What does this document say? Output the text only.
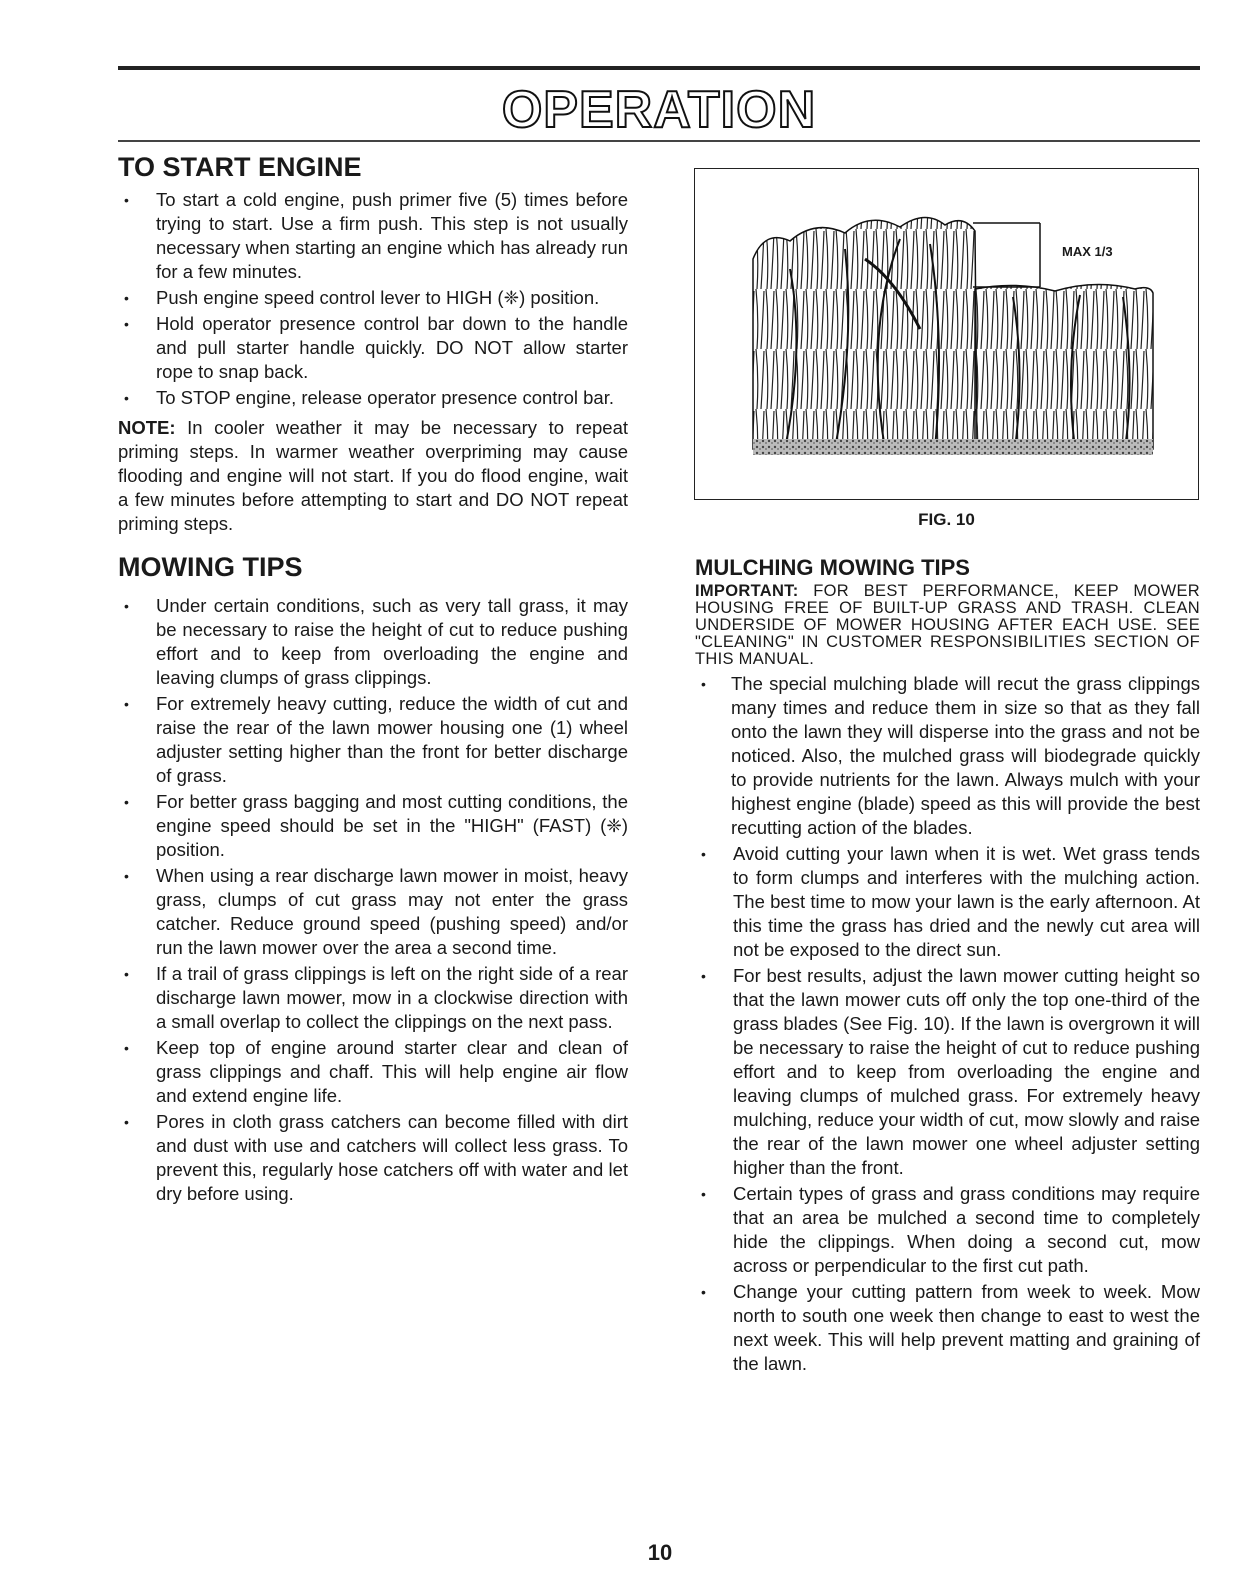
OPERATION
TO START ENGINE
• To start a cold engine, push primer five (5) times before trying to start. Use a firm push. This step is not usually necessary when starting an engine which has already run for a few minutes.
• Push engine speed control lever to HIGH (❈) position.
• Hold operator presence control bar down to the handle and pull starter handle quickly. DO NOT allow starter rope to snap back.
• To STOP engine, release operator presence control bar.

NOTE: In cooler weather it may be necessary to repeat priming steps. In warmer weather overpriming may cause flooding and engine will not start. If you do flood engine, wait a few minutes before attempting to start and DO NOT repeat priming steps.

MOWING TIPS
• Under certain conditions, such as very tall grass, it may be necessary to raise the height of cut to reduce pushing effort and to keep from overloading the engine and leaving clumps of grass clippings.
• For extremely heavy cutting, reduce the width of cut and raise the rear of the lawn mower housing one (1) wheel adjuster setting higher than the front for better discharge of grass.
• For better grass bagging and most cutting conditions, the engine speed should be set in the "HIGH" (FAST) (❈) position.
• When using a rear discharge lawn mower in moist, heavy grass, clumps of cut grass may not enter the grass catcher. Reduce ground speed (pushing speed) and/or run the lawn mower over the area a second time.
• If a trail of grass clippings is left on the right side of a rear discharge lawn mower, mow in a clockwise direction with a small overlap to collect the clippings on the next pass.
• Keep top of engine around starter clear and clean of grass clippings and chaff. This will help engine air flow and extend engine life.
• Pores in cloth grass catchers can become filled with dirt and dust with use and catchers will collect less grass. To prevent this, regularly hose catchers off with water and let dry before using.
MAX 1/3
FIG. 10
MULCHING MOWING TIPS

IMPORTANT: FOR BEST PERFORMANCE, KEEP MOWER HOUSING FREE OF BUILT-UP GRASS AND TRASH. CLEAN UNDERSIDE OF MOWER HOUSING AFTER EACH USE. SEE "CLEANING" IN CUSTOMER RESPONSIBILITIES SECTION OF THIS MANUAL.

• The special mulching blade will recut the grass clippings many times and reduce them in size so that as they fall onto the lawn they will disperse into the grass and not be noticed. Also, the mulched grass will biodegrade quickly to provide nutrients for the lawn. Always mulch with your highest engine (blade) speed as this will provide the best recutting action of the blades.
• Avoid cutting your lawn when it is wet. Wet grass tends to form clumps and interferes with the mulching action. The best time to mow your lawn is the early afternoon. At this time the grass has dried and the newly cut area will not be exposed to the direct sun.
• For best results, adjust the lawn mower cutting height so that the lawn mower cuts off only the top one-third of the grass blades (See Fig. 10). If the lawn is overgrown it will be necessary to raise the height of cut to reduce pushing effort and to keep from overloading the engine and leaving clumps of mulched grass. For extremely heavy mulching, reduce your width of cut, mow slowly and raise the rear of the lawn mower one wheel adjuster setting higher than the front.
• Certain types of grass and grass conditions may require that an area be mulched a second time to completely hide the clippings. When doing a second cut, mow across or perpendicular to the first cut path.
• Change your cutting pattern from week to week. Mow north to south one week then change to east to west the next week. This will help prevent matting and graining of the lawn.
10
